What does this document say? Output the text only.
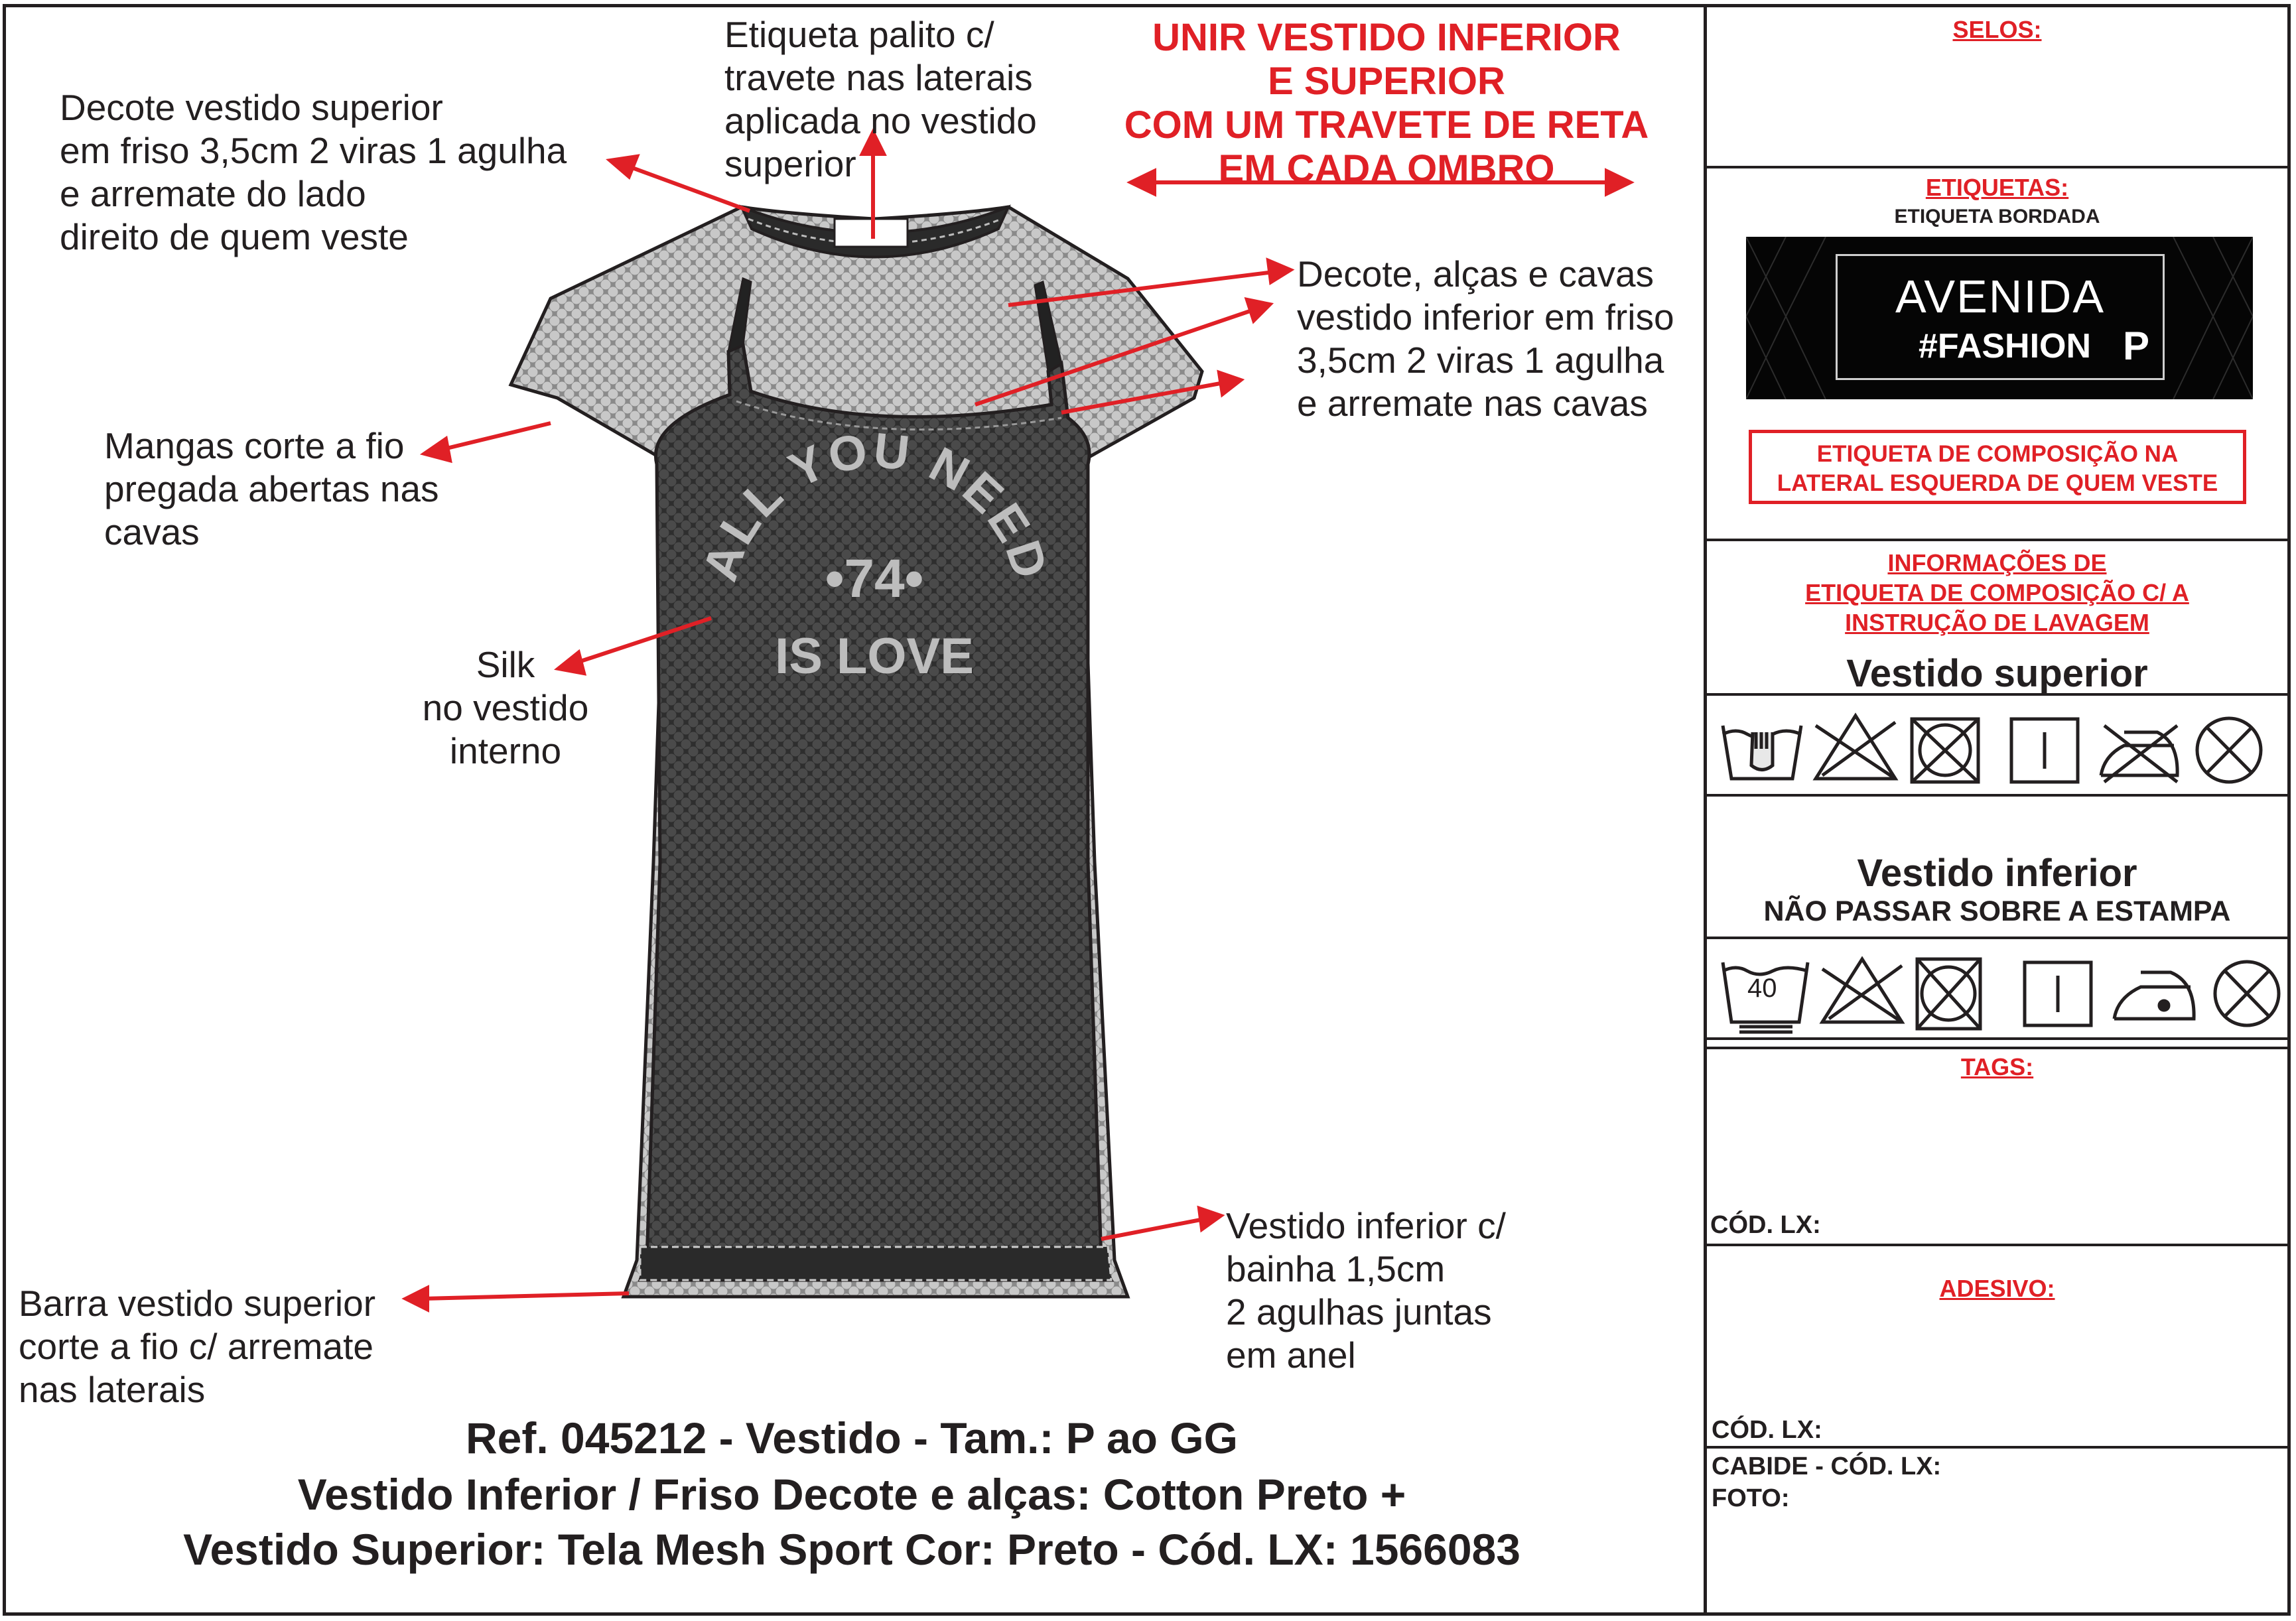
ALL YOU NEED
•74•
IS LOVE
Decote vestido superior
em friso 3,5cm 2 viras 1 agulha
e arremate do lado
direito de quem veste
Etiqueta palito c/
travete nas laterais
aplicada no vestido
superior
Decote, alças e cavas
vestido inferior em friso
3,5cm 2 viras 1 agulha
e arremate nas cavas
Mangas corte a fio
pregada abertas nas
cavas
Silk
no vestido
interno
Vestido inferior c/
bainha 1,5cm
2 agulhas juntas
em anel
Barra vestido superior
corte a fio c/ arremate
nas laterais
UNIR VESTIDO INFERIOR
E SUPERIOR
COM UM TRAVETE DE RETA
EM CADA OMBRO
Ref. 045212 - Vestido - Tam.: P ao GG
Vestido Inferior / Friso Decote e alças: Cotton Preto +
Vestido Superior: Tela Mesh Sport Cor: Preto - Cód. LX: 1566083
SELOS:
ETIQUETAS:
ETIQUETA BORDADA
AVENIDA
#FASHION P
ETIQUETA DE COMPOSIÇÃO NA
LATERAL ESQUERDA DE QUEM VESTE
INFORMAÇÕES DE
ETIQUETA DE COMPOSIÇÃO C/ A
INSTRUÇÃO DE LAVAGEM
Vestido superior
Vestido inferior
NÃO PASSAR SOBRE A ESTAMPA
40
TAGS:
CÓD. LX:
ADESIVO:
CÓD. LX:
CABIDE - CÓD. LX:
FOTO:
